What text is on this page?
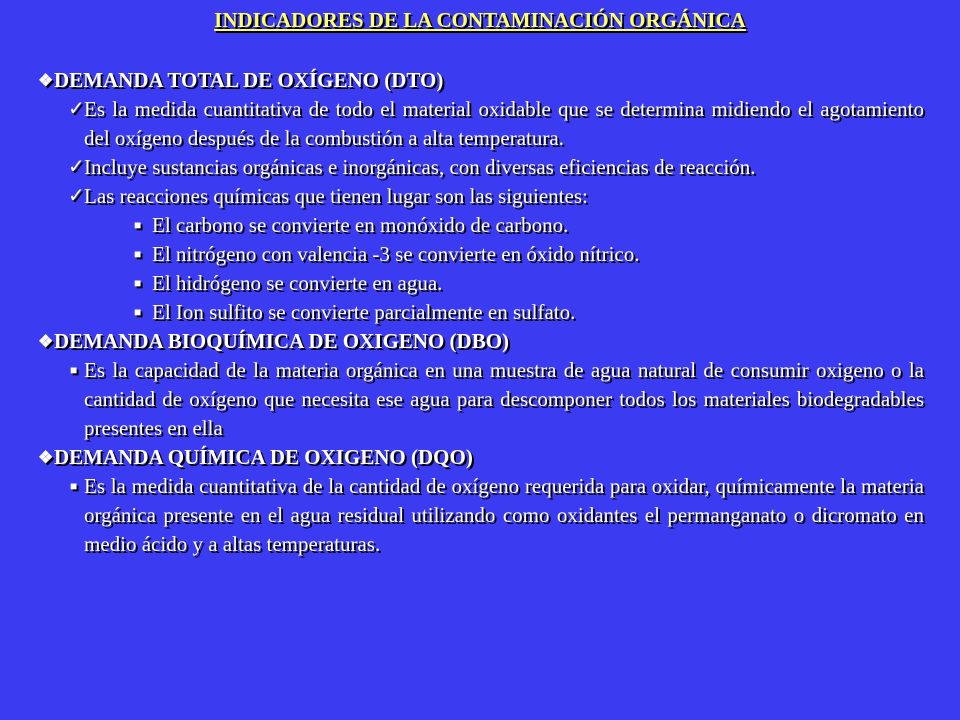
INDICADORES DE LA CONTAMINACIÓN ORGÁNICA
❖ DEMANDA TOTAL DE OXÍGENO (DTO)
✓ Es la medida cuantitativa de todo el material oxidable que se determina midiendo el agotamiento del oxígeno después de la combustión a alta temperatura.
✓ Incluye sustancias orgánicas e inorgánicas, con diversas eficiencias de reacción.
✓ Las reacciones químicas que tienen lugar son las siguientes:
■ El carbono se convierte en monóxido de carbono.
■ El nitrógeno con valencia -3 se convierte en óxido nítrico.
■ El hidrógeno se convierte en agua.
■ El Ion sulfito se convierte parcialmente en sulfato.
❖ DEMANDA BIOQUÍMICA DE OXIGENO (DBO)
■ Es la capacidad de la materia orgánica en una muestra de agua natural de consumir oxigeno o la cantidad de oxígeno que necesita ese agua para descomponer todos los materiales biodegradables presentes en ella
❖ DEMANDA QUÍMICA DE OXIGENO (DQO)
■ Es la medida cuantitativa de la cantidad de oxígeno requerida para oxidar, químicamente la materia orgánica presente en el agua residual utilizando como oxidantes el permanganato o dicromato en medio ácido y a altas temperaturas.
